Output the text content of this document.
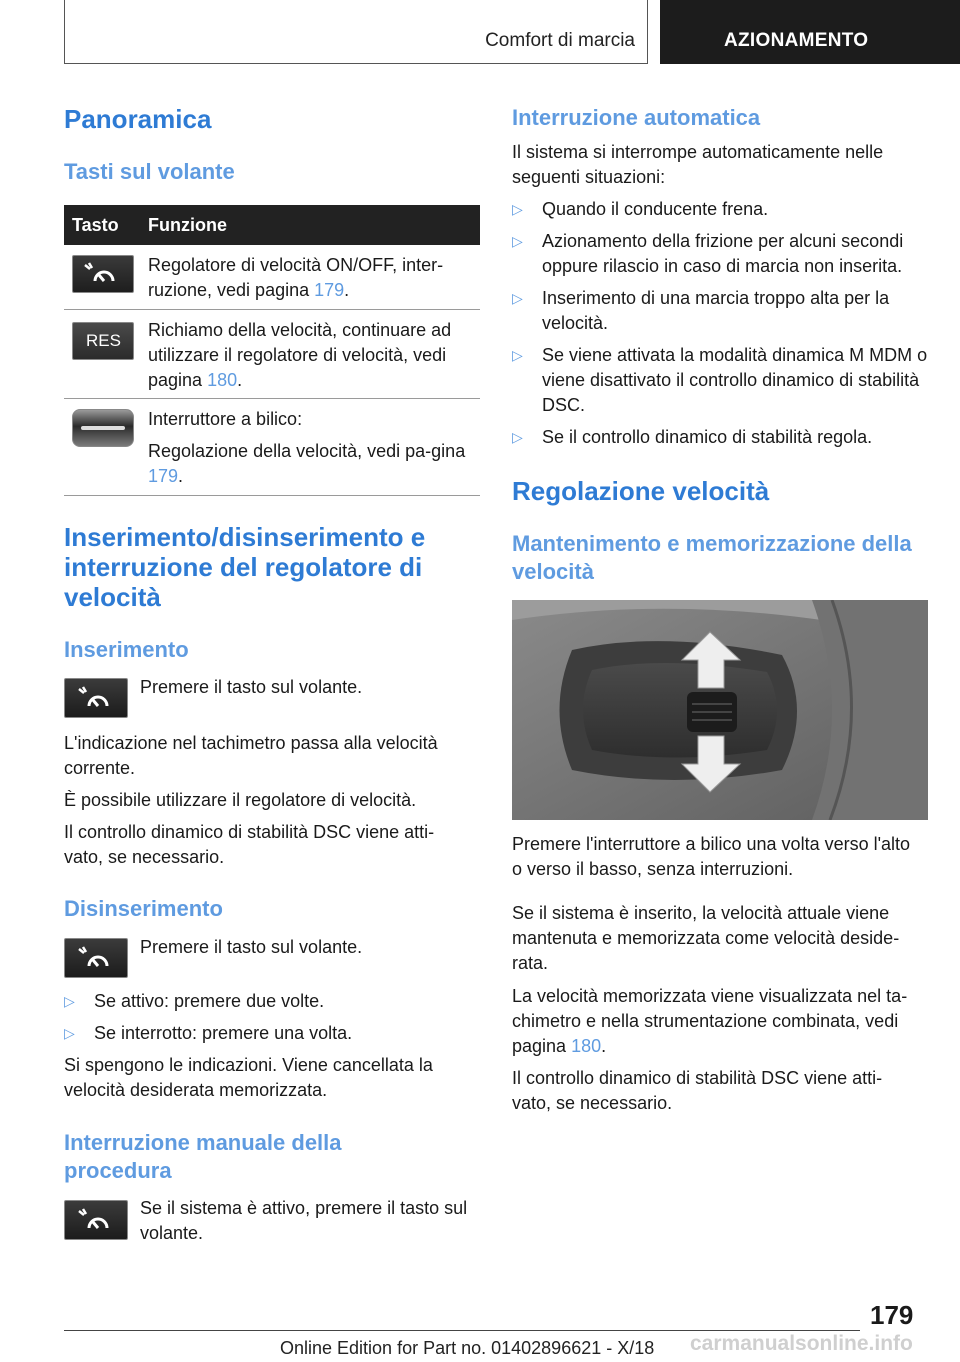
Comfort di marcia	AZIONAMENTO
Panoramica
Tasti sul volante
Tasto Funzione

Regolatore di velocità ON/OFF, inter-ruzione, vedi pagina 179.

RES

Richiamo della velocità, continuare ad utilizzare il regolatore di velocità, vedi pagina 180.

Interruttore a bilico:

Regolazione della velocità, vedi pa-gina 179.

Inserimento/disinserimento e interruzione del regolatore di velocità
Inserimento

Premere il tasto sul volante.

L'indicazione nel tachimetro passa alla velocità corrente.

È possibile utilizzare il regolatore di velocità.

Il controllo dinamico di stabilità DSC viene atti-vato, se necessario.

Disinserimento

Premere il tasto sul volante.

▷ Se attivo: premere due volte.
▷ Se interrotto: premere una volta.

Si spengono le indicazioni. Viene cancellata la velocità desiderata memorizzata.

Interruzione manuale della procedura

Se il sistema è attivo, premere il tasto sul volante.

Interruzione automatica

Il sistema si interrompe automaticamente nelle seguenti situazioni:

▷ Quando il conducente frena.
▷ Azionamento della frizione per alcuni secondi oppure rilascio in caso di marcia non inserita.
▷ Inserimento di una marcia troppo alta per la velocità.
▷ Se viene attivata la modalità dinamica M MDM o viene disattivato il controllo dinamico di stabilità DSC.
▷ Se il controllo dinamico di stabilità regola.
Regolazione velocità
Mantenimento e memorizzazione della velocità

Premere l'interruttore a bilico una volta verso l'alto o verso il basso, senza interruzioni.

Se il sistema è inserito, la velocità attuale viene mantenuta e memorizzata come velocità deside-rata.

La velocità memorizzata viene visualizzata nel ta-chimetro e nella strumentazione combinata, vedi pagina 180.

Il controllo dinamico di stabilità DSC viene atti-vato, se necessario.

179
carmanualsonline.info
Online Edition for Part no. 01402896621 - X/18
